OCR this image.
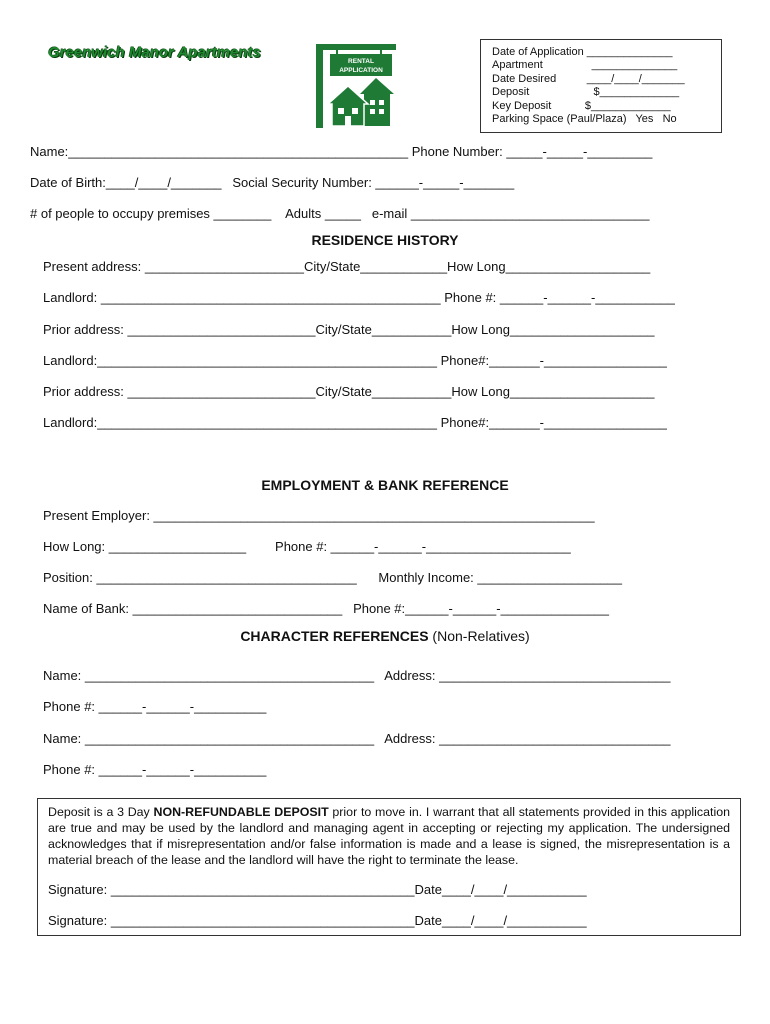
Greenwich Manor Apartments
RENTAL
APPLICATION
Date of Application ______________
Apartment                ______________
Date Desired          ____/____/_______
Deposit                     $_____________
Key Deposit           $_____________
Parking Space (Paul/Plaza)   Yes   No
Name:_______________________________________________ Phone Number: _____-_____-_________
Date of Birth:____/____/_______   Social Security Number: ______-_____-_______
# of people to occupy premises ________    Adults _____   e-mail _________________________________
RESIDENCE HISTORY
Present address: ______________________City/State____________How Long____________________
Landlord: _______________________________________________ Phone #: ______-______-___________
Prior address: __________________________City/State___________How Long____________________
Landlord:_______________________________________________ Phone#:_______-_________________
Prior address: __________________________City/State___________How Long____________________
Landlord:_______________________________________________ Phone#:_______-_________________
EMPLOYMENT & BANK REFERENCE
Present Employer: _____________________________________________________________
How Long: ___________________        Phone #: ______-______-____________________
Position: ____________________________________      Monthly Income: ____________________
Name of Bank: _____________________________   Phone #:______-______-_______________
CHARACTER REFERENCES (Non-Relatives)
Name: ________________________________________   Address: ________________________________
Phone #: ______-______-__________
Name: ________________________________________   Address: ________________________________
Phone #: ______-______-__________
Deposit is a 3 Day NON-REFUNDABLE DEPOSIT prior to move in. I warrant that all statements provided in this application are true and may be used by the landlord and managing agent in accepting or rejecting my application. The undersigned acknowledges that if misrepresentation and/or false information is made and a lease is signed, the misrepresentation is a material breach of the lease and the landlord will have the right to terminate the lease.
Signature: __________________________________________Date____/____/___________
Signature: __________________________________________Date____/____/___________
